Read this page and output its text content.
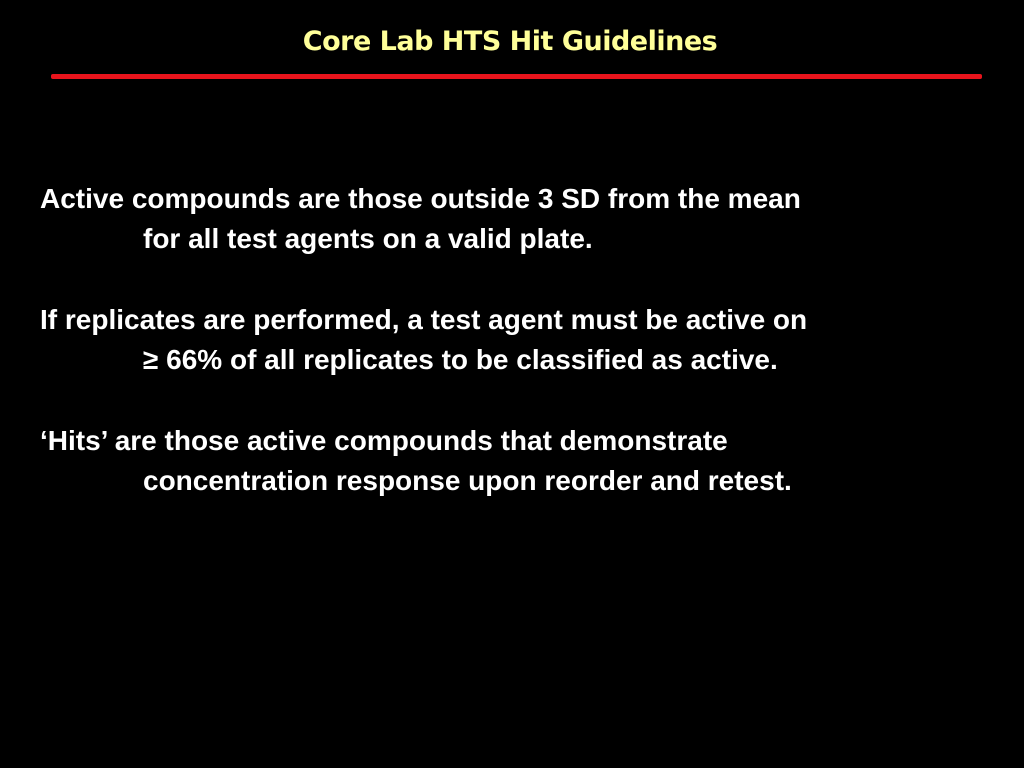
Core Lab HTS Hit Guidelines

Active compounds are those outside 3 SD from the mean
for all test agents on a valid plate.

If replicates are performed, a test agent must be active on
≥ 66% of all replicates to be classified as active.

‘Hits’ are those active compounds that demonstrate
concentration response upon reorder and retest.
